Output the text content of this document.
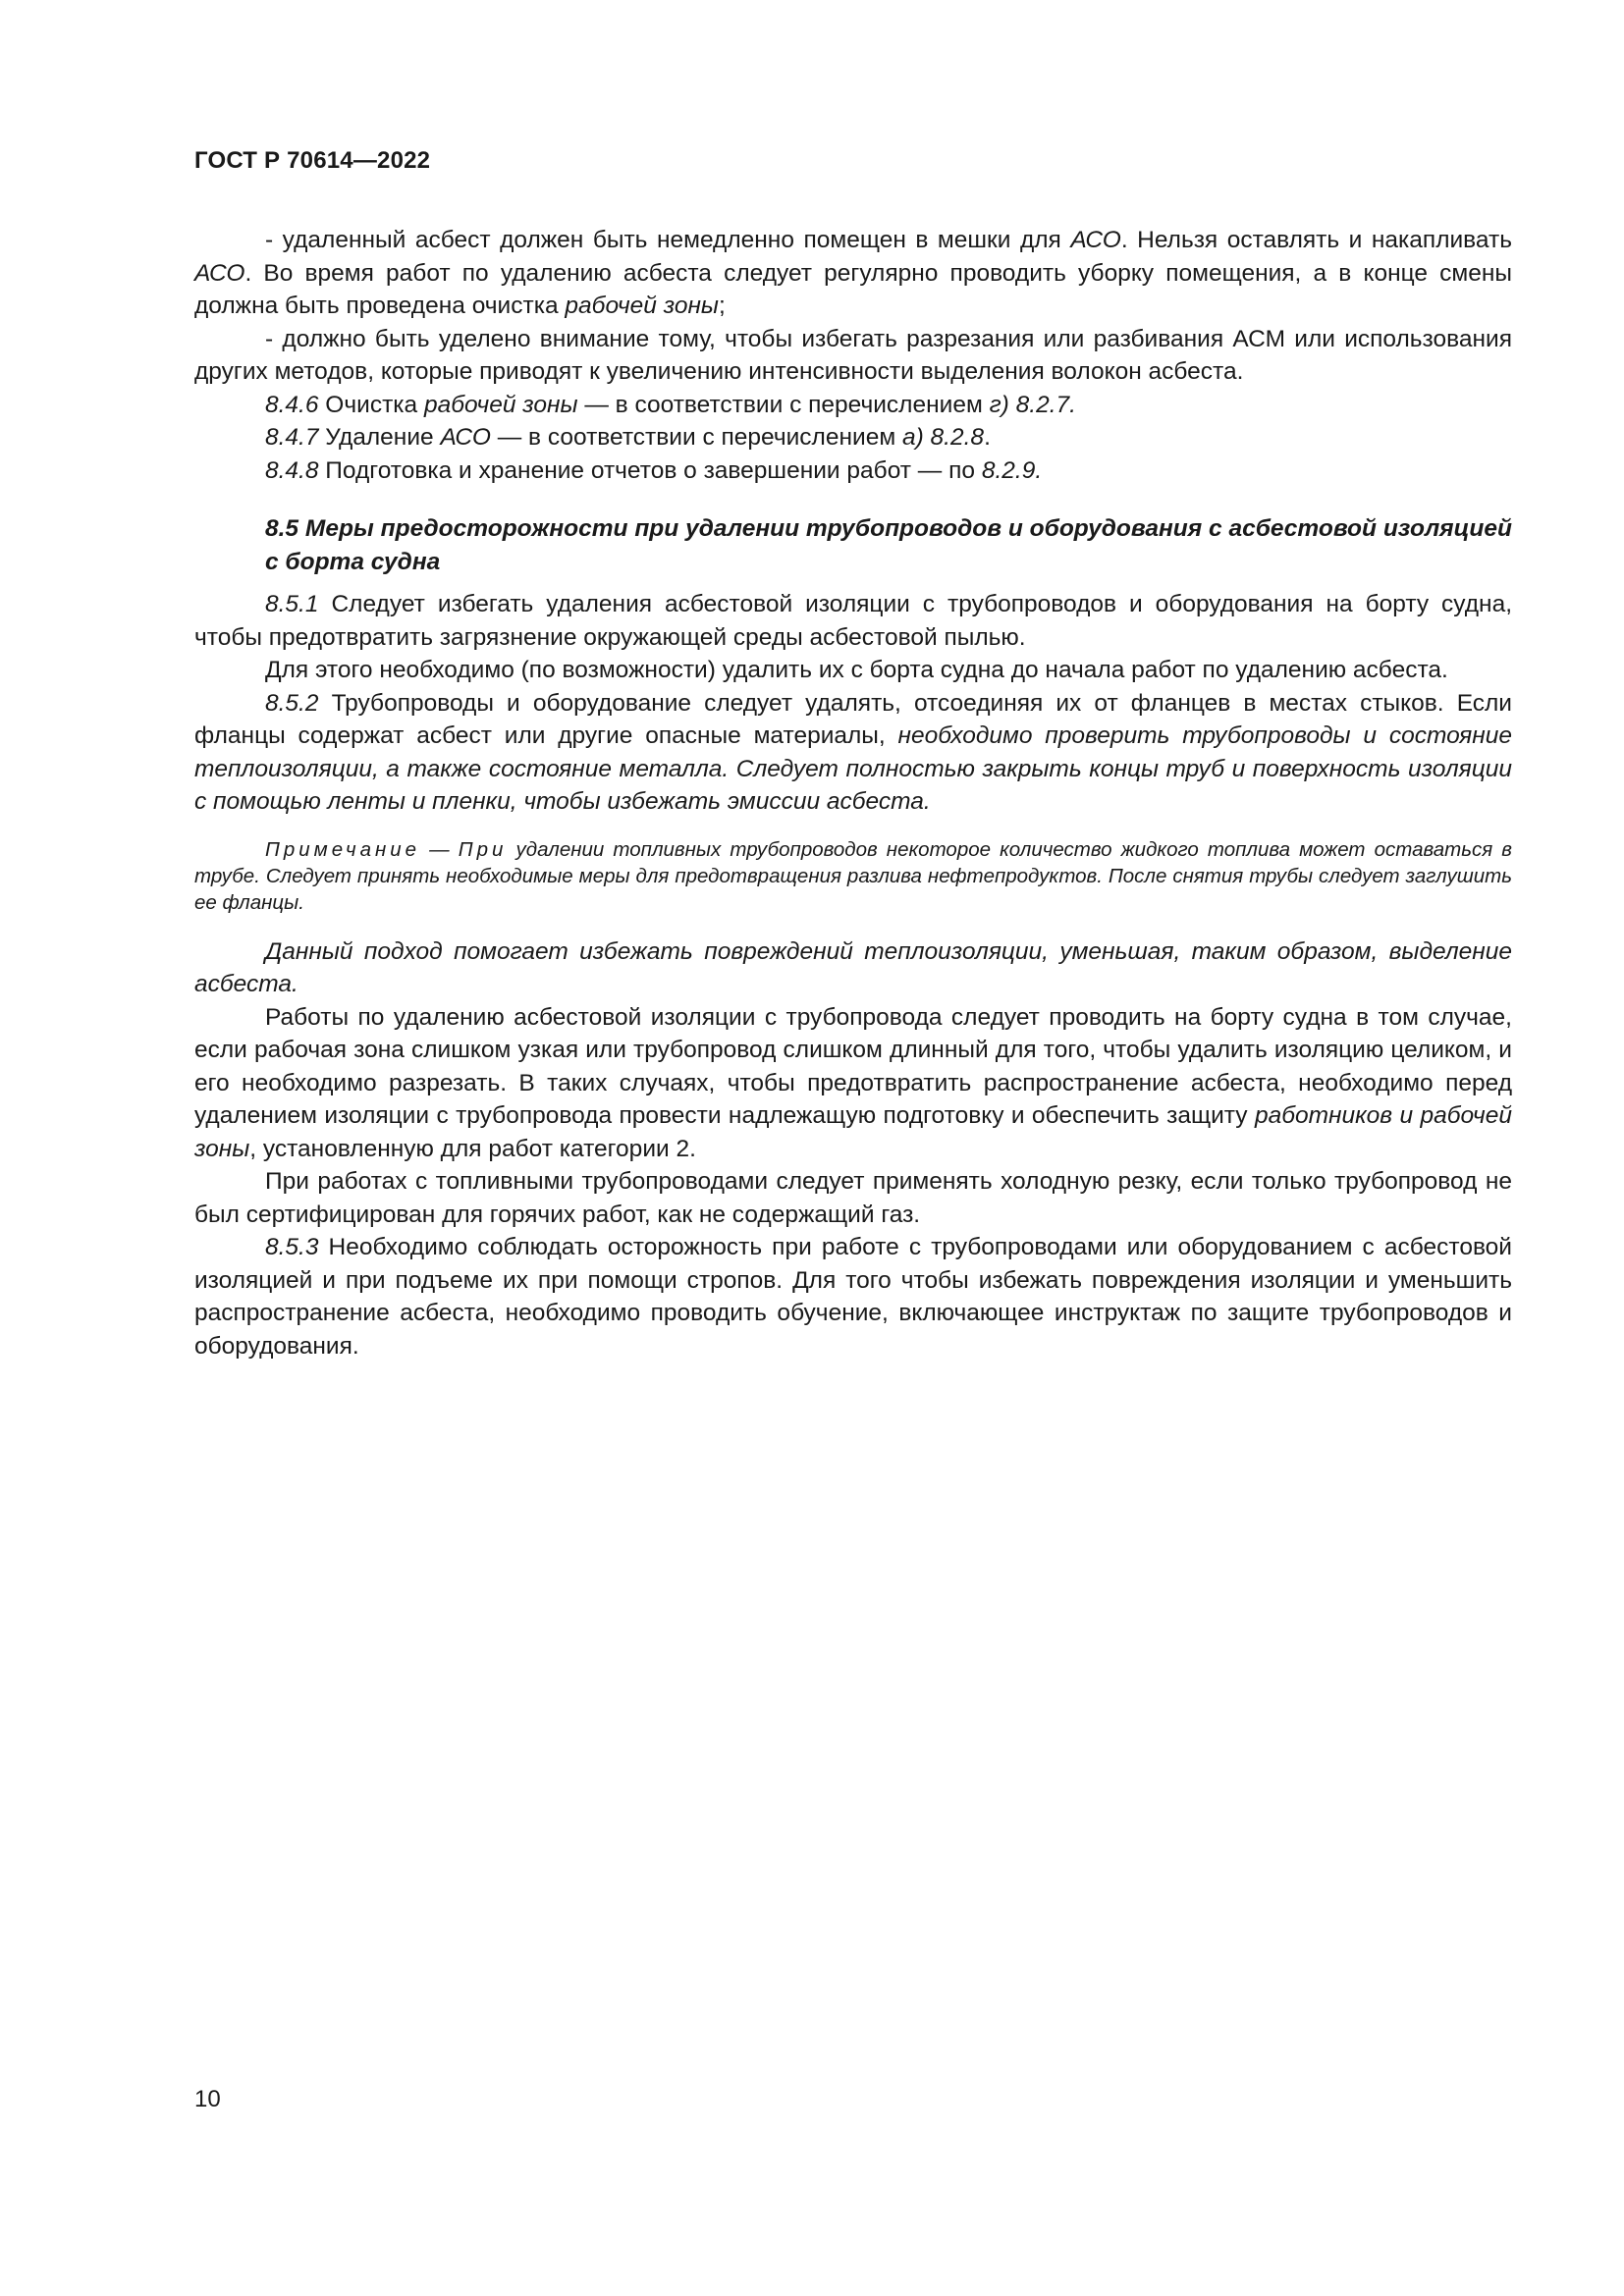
ГОСТ Р 70614—2022

- удаленный асбест должен быть немедленно помещен в мешки для АСО. Нельзя оставлять и накапливать АСО. Во время работ по удалению асбеста следует регулярно проводить уборку помещения, а в конце смены должна быть проведена очистка рабочей зоны;

- должно быть уделено внимание тому, чтобы избегать разрезания или разбивания АСМ или использования других методов, которые приводят к увеличению интенсивности выделения волокон асбеста.

8.4.6 Очистка рабочей зоны — в соответствии с перечислением г) 8.2.7.

8.4.7 Удаление АСО — в соответствии с перечислением а) 8.2.8.

8.4.8 Подготовка и хранение отчетов о завершении работ — по 8.2.9.

8.5 Меры предосторожности при удалении трубопроводов и оборудования с асбестовой изоляцией с борта судна

8.5.1 Следует избегать удаления асбестовой изоляции с трубопроводов и оборудования на борту судна, чтобы предотвратить загрязнение окружающей среды асбестовой пылью.

Для этого необходимо (по возможности) удалить их с борта судна до начала работ по удалению асбеста.

8.5.2 Трубопроводы и оборудование следует удалять, отсоединяя их от фланцев в местах стыков. Если фланцы содержат асбест или другие опасные материалы, необходимо проверить трубопроводы и состояние теплоизоляции, а также состояние металла. Следует полностью закрыть концы труб и поверхность изоляции с помощью ленты и пленки, чтобы избежать эмиссии асбеста.

Примечание — При удалении топливных трубопроводов некоторое количество жидкого топлива может оставаться в трубе. Следует принять необходимые меры для предотвращения разлива нефтепродуктов. После снятия трубы следует заглушить ее фланцы.

Данный подход помогает избежать повреждений теплоизоляции, уменьшая, таким образом, выделение асбеста.

Работы по удалению асбестовой изоляции с трубопровода следует проводить на борту судна в том случае, если рабочая зона слишком узкая или трубопровод слишком длинный для того, чтобы удалить изоляцию целиком, и его необходимо разрезать. В таких случаях, чтобы предотвратить распространение асбеста, необходимо перед удалением изоляции с трубопровода провести надлежащую подготовку и обеспечить защиту работников и рабочей зоны, установленную для работ категории 2.

При работах с топливными трубопроводами следует применять холодную резку, если только трубопровод не был сертифицирован для горячих работ, как не содержащий газ.

8.5.3 Необходимо соблюдать осторожность при работе с трубопроводами или оборудованием с асбестовой изоляцией и при подъеме их при помощи стропов. Для того чтобы избежать повреждения изоляции и уменьшить распространение асбеста, необходимо проводить обучение, включающее инструктаж по защите трубопроводов и оборудования.

10
